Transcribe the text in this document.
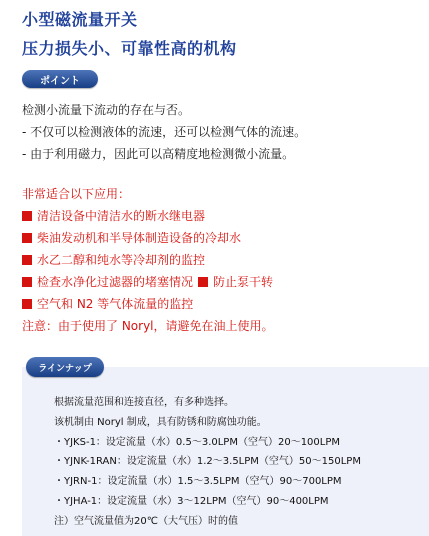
小型磁流量开关
压力损失小、可靠性高的机构
ポイント
检测小流量下流动的存在与否。
- 不仅可以检测液体的流速，还可以检测气体的流速。
- 由于利用磁力，因此可以高精度地检测微小流量。
非常适合以下应用：
清洁设备中清洁水的断水继电器
柴油发动机和半导体制造设备的冷却水
水乙二醇和纯水等冷却剂的监控
检查水净化过滤器的堵塞情况 防止泵干转
空气和 N2 等气体流量的监控
注意：由于使用了 Noryl，请避免在油上使用。
ラインナップ
根据流量范围和连接直径，有多种选择。
该机制由 Noryl 制成，具有防锈和防腐蚀功能。
・YJKS-1：设定流量（水）0.5～3.0LPM（空气）20～100LPM
・YJNK-1RAN：设定流量（水）1.2～3.5LPM（空气）50～150LPM
・YJRN-1：设定流量（水）1.5～3.5LPM（空气）90～700LPM
・YJHA-1：设定流量（水）3～12LPM（空气）90～400LPM
注）空气流量值为20℃（大气压）时的值
